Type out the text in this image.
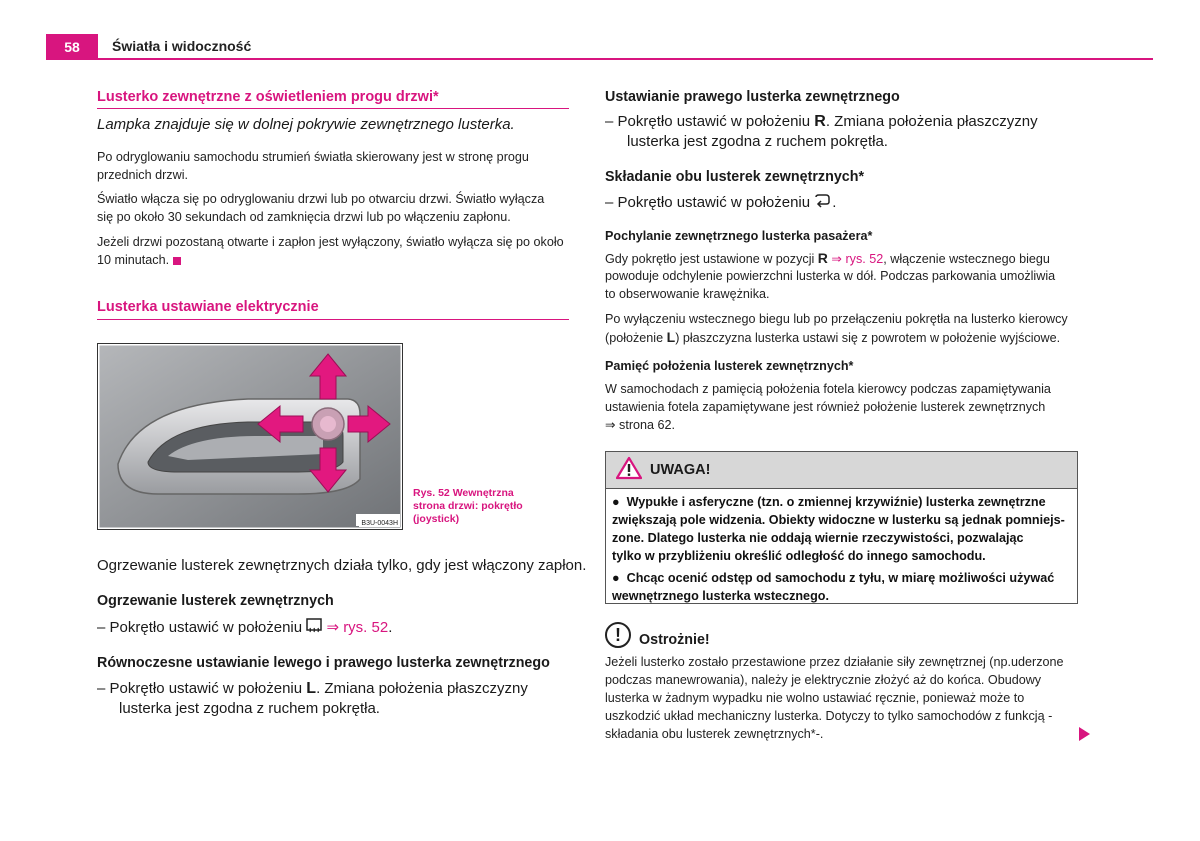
58	Światła i widoczność
Lusterko zewnętrzne z oświetleniem progu drzwi*
Lampka znajduje się w dolnej pokrywie zewnętrznego lusterka.
Po odryglowaniu samochodu strumień światła skierowany jest w stronę progu
przednich drzwi.
Światło włącza się po odryglowaniu drzwi lub po otwarciu drzwi. Światło wyłącza
się po około 30 sekundach od zamknięcia drzwi lub po włączeniu zapłonu.
Jeżeli drzwi pozostaną otwarte i zapłon jest wyłączony, światło wyłącza się po około
10 minutach.
Lusterka ustawiane elektrycznie
B3U-0043H
Rys. 52 Wewnętrzna
strona drzwi: pokrętło
(joystick)
Ogrzewanie lusterek zewnętrznych działa tylko, gdy jest włączony zapłon.
Ogrzewanie lusterek zewnętrznych
– Pokrętło ustawić w położeniu ⇒ rys. 52.
Równoczesne ustawianie lewego i prawego lusterka zewnętrznego
– Pokrętło ustawić w położeniu L. Zmiana położenia płaszczyzny
lusterka jest zgodna z ruchem pokrętła.
Ustawianie prawego lusterka zewnętrznego
– Pokrętło ustawić w położeniu R. Zmiana położenia płaszczyzny
lusterka jest zgodna z ruchem pokrętła.
Składanie obu lusterek zewnętrznych*
– Pokrętło ustawić w położeniu .
Pochylanie zewnętrznego lusterka pasażera*
Gdy pokrętło jest ustawione w pozycji R ⇒ rys. 52, włączenie wstecznego biegu
powoduje odchylenie powierzchni lusterka w dół. Podczas parkowania umożliwia
to obserwowanie krawężnika.
Po wyłączeniu wstecznego biegu lub po przełączeniu pokrętła na lusterko kierowcy
(położenie L) płaszczyzna lusterka ustawi się z powrotem w położenie wyjściowe.
Pamięć położenia lusterek zewnętrznych*
W samochodach z pamięcią położenia fotela kierowcy podczas zapamiętywania
ustawienia fotela zapamiętywane jest również położenie lusterek zewnętrznych
⇒ strona 62.
UWAGA!

●  Wypukłe i asferyczne (tzn. o zmiennej krzywiźnie) lusterka zewnętrzne
zwiększają pole widzenia. Obiekty widoczne w lusterku są jednak pomniejs-
zone. Dlatego lusterka nie oddają wiernie rzeczywistości, pozwalając
tylko w przybliżeniu określić odległość do innego samochodu.

●  Chcąc ocenić odstęp od samochodu z tyłu, w miarę możliwości używać
wewnętrznego lusterka wstecznego.

!	Ostrożnie!
Jeżeli lusterko zostało przestawione przez działanie siły zewnętrznej (np.uderzone
podczas manewrowania), należy je elektrycznie złożyć aż do końca. Obudowy
lusterka w żadnym wypadku nie wolno ustawiać ręcznie, ponieważ może to
uszkodzić układ mechaniczny lusterka. Dotyczy to tylko samochodów z funkcją -
składania obu lusterek zewnętrznych*-.
